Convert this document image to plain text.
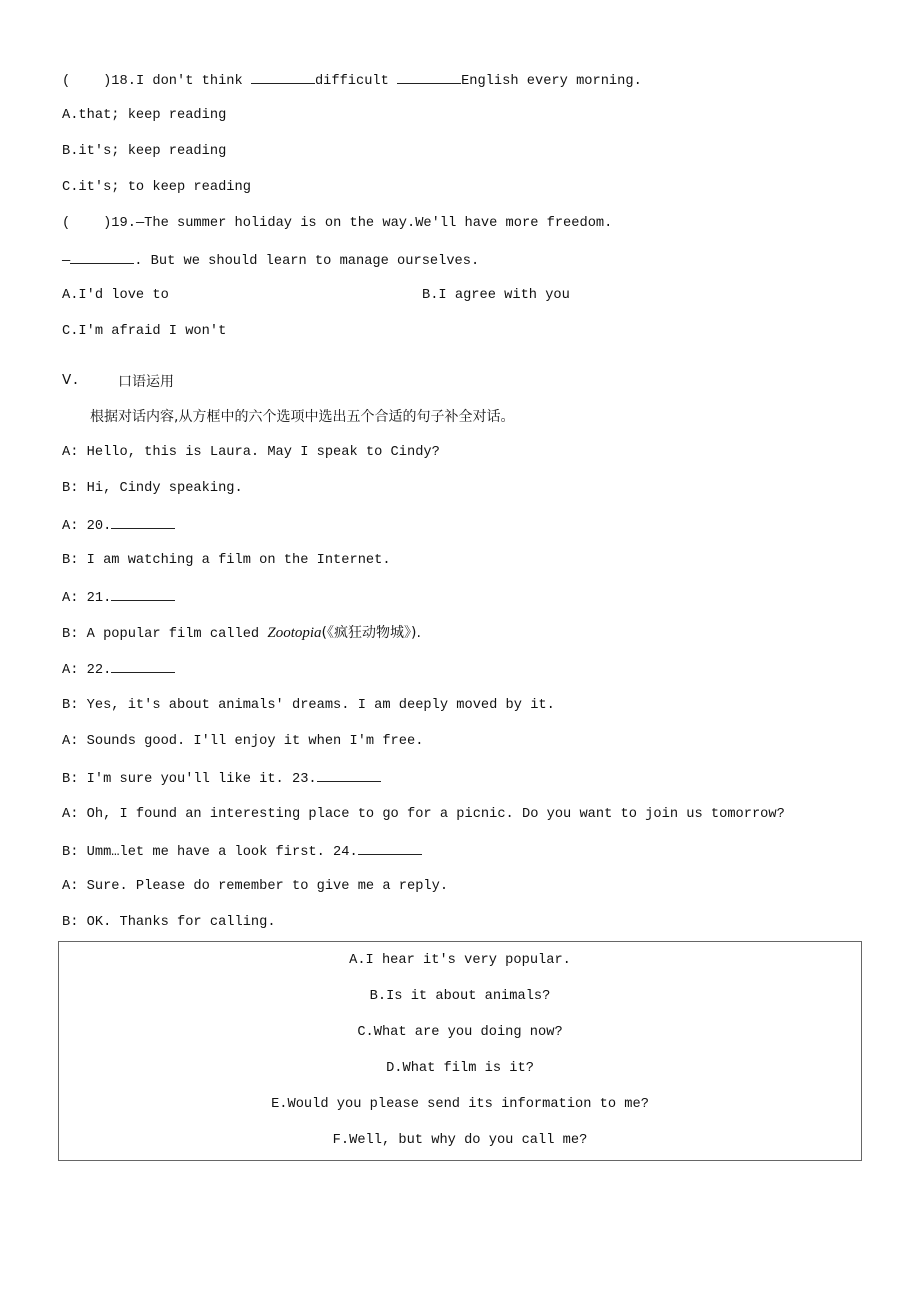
(    )18.I don't think	difficult	English every morning.
A.that; keep reading
B.it's; keep reading
C.it's; to keep reading
(    )19.—The summer holiday is on the way.We'll have more freedom.
—	. But we should learn to manage ourselves.
A.I'd love to	B.I agree with you
C.I'm afraid I won't
Ⅴ.	口语运用
根据对话内容,从方框中的六个选项中选出五个合适的句子补全对话。
A: Hello, this is Laura. May I speak to Cindy?
B: Hi, Cindy speaking.
A: 20.
B: I am watching a film on the Internet.
A: 21.
B: A popular film called Zootopia(《疯狂动物城》).
A: 22.
B: Yes, it's about animals' dreams. I am deeply moved by it.
A: Sounds good. I'll enjoy it when I'm free.
B: I'm sure you'll like it. 23.
A: Oh, I found an interesting place to go for a picnic. Do you want to join us tomorrow?
B: Umm…let me have a look first. 24.
A: Sure. Please do remember to give me a reply.
B: OK. Thanks for calling.
A.I hear it's very popular.
B.Is it about animals?
C.What are you doing now?
D.What film is it?
E.Would you please send its information to me?
F.Well, but why do you call me?
